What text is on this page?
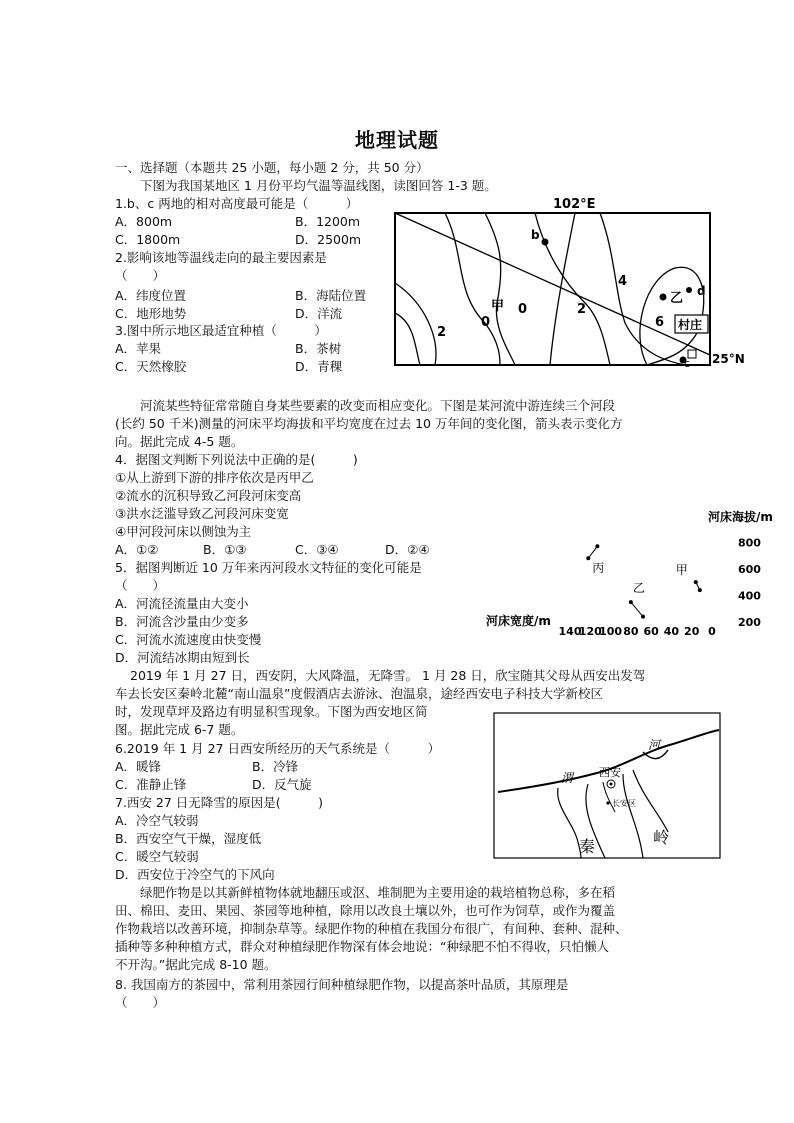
地理试题
一、选择题（本题共 25 小题，每小题 2 分，共 50 分）
下图为我国某地区 1 月份平均气温等温线图，读图回答 1-3 题。
1.b、c 两地的相对高度最可能是（　　　）
A．800m	B．1200m
C．1800m	D．2500m
2.影响该地等温线走向的最主要因素是
（　　）
A．纬度位置	B．海陆位置
C．地形地势	D．洋流
3.图中所示地区最适宜种植（　　　）
A．苹果	B．茶树
C．天然橡胶	D．青稞
102°E
b
c
d
乙
甲
村庄
0
0
2
2
4
6
25°N
河流某些特征常常随自身某些要素的改变而相应变化。下图是某河流中游连续三个河段
(长约 50 千米)测量的河床平均海拔和平均宽度在过去 10 万年间的变化图，箭头表示变化方
向。据此完成 4-5 题。
4．据图文判断下列说法中正确的是(　　　)
①从上游到下游的排序依次是丙甲乙
②流水的沉积导致乙河段河床变高
③洪水泛滥导致乙河段河床变宽
④甲河段河床以侧蚀为主
A．①②	B．①③	C．③④	D．②④
5．据图判断近 10 万年来丙河段水文特征的变化可能是
（　　）
A．河流径流量由大变小
B．河流含沙量由少变多
C．河流水流速度由快变慢
D．河流结冰期由短到长
河床海拔/m
河床宽度/m
140
120
100 80 60 40 20 0
800
600
400
200
丙
乙
甲
2019 年 1 月 27 日，西安阴，大风降温，无降雪。 1 月 28 日，欣宝随其父母从西安出发驾
车去长安区秦岭北麓“南山温泉”度假酒店去游泳、泡温泉，途经西安电子科技大学新校区
时，发现草坪及路边有明显积雪现象。下图为西安地区简
图。据此完成 6-7 题。
6.2019 年 1 月 27 日西安所经历的天气系统是（　　　）
A．暖锋	B．冷锋
C．准静止锋	D．反气旋
7.西安 27 日无降雪的原因是(　　　)
A．冷空气较弱
B．西安空气干燥，湿度低
C．暖空气较弱
D．西安位于冷空气的下风向
河
渭 西安
长安区
秦	岭
绿肥作物是以其新鲜植物体就地翻压或沤、堆制肥为主要用途的栽培植物总称，多在稻
田、棉田、麦田、果园、茶园等地种植，除用以改良土壤以外，也可作为饲草，或作为覆盖
作物栽培以改善环境，抑制杂草等。绿肥作物的种植在我国分布很广，有间种、套种、混种、
插种等多种种植方式，群众对种植绿肥作物深有体会地说：“种绿肥不怕不得收，只怕懒人
不开沟。”据此完成 8-10 题。
8. 我国南方的茶园中，常利用茶园行间种植绿肥作物，以提高茶叶品质，其原理是
（　　）
